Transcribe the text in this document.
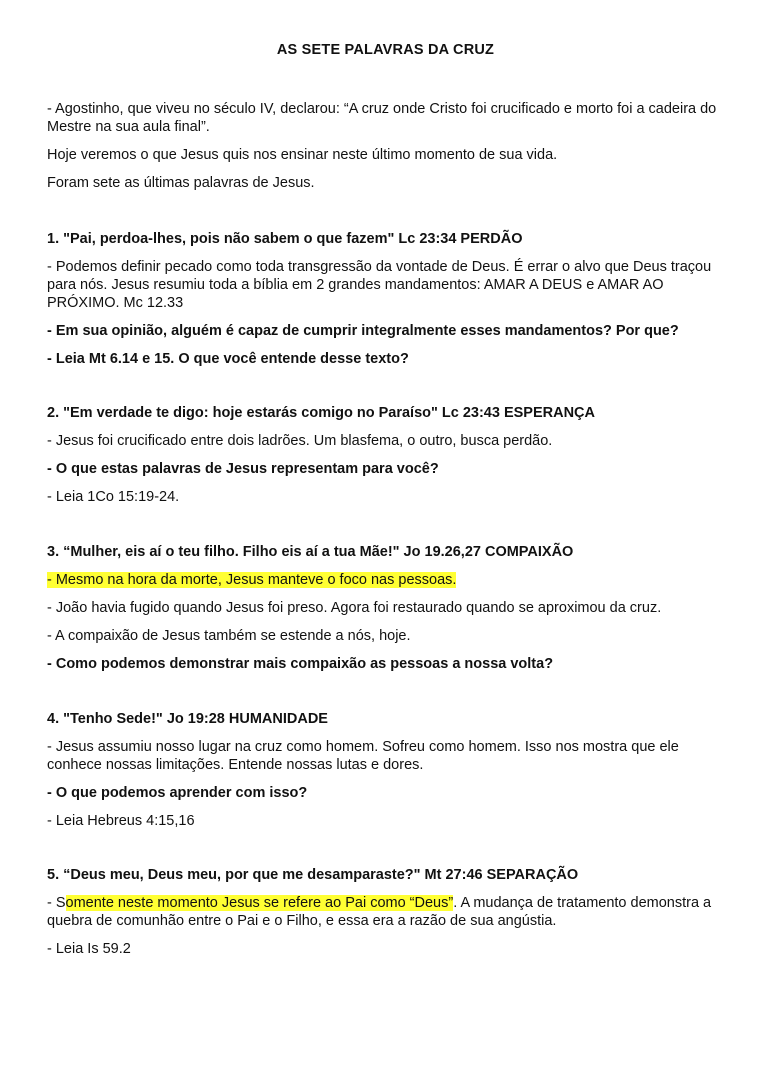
AS SETE PALAVRAS DA CRUZ

- Agostinho, que viveu no século IV, declarou: “A cruz onde Cristo foi crucificado e morto foi a cadeira do Mestre na sua aula final”.

Hoje veremos o que Jesus quis nos ensinar neste último momento de sua vida.

Foram sete as últimas palavras de Jesus.

1. "Pai, perdoa-lhes, pois não sabem o que fazem" Lc 23:34 PERDÃO

- Podemos definir pecado como toda transgressão da vontade de Deus. É errar o alvo que Deus traçou para nós. Jesus resumiu toda a bíblia em 2 grandes mandamentos: AMAR A DEUS e AMAR AO PRÓXIMO. Mc 12.33

- Em sua opinião, alguém é capaz de cumprir integralmente esses mandamentos? Por que?

- Leia Mt 6.14 e 15. O que você entende desse texto?

2. "Em verdade te digo: hoje estarás comigo no Paraíso" Lc 23:43 ESPERANÇA

- Jesus foi crucificado entre dois ladrões. Um blasfema, o outro, busca perdão.

- O que estas palavras de Jesus representam para você?

- Leia 1Co 15:19-24.

3. “Mulher, eis aí o teu filho. Filho eis aí a tua Mãe!" Jo 19.26,27 COMPAIXÃO

- Mesmo na hora da morte, Jesus manteve o foco nas pessoas.

- João havia fugido quando Jesus foi preso. Agora foi restaurado quando se aproximou da cruz.

- A compaixão de Jesus também se estende a nós, hoje.

- Como podemos demonstrar mais compaixão as pessoas a nossa volta?

4. "Tenho Sede!" Jo 19:28 HUMANIDADE

- Jesus assumiu nosso lugar na cruz como homem. Sofreu como homem. Isso nos mostra que ele conhece nossas limitações. Entende nossas lutas e dores.

- O que podemos aprender com isso?

- Leia Hebreus 4:15,16

5. “Deus meu, Deus meu, por que me desamparaste?" Mt 27:46 SEPARAÇÃO

- Somente neste momento Jesus se refere ao Pai como “Deus”. A mudança de tratamento demonstra a quebra de comunhão entre o Pai e o Filho, e essa era a razão de sua angústia.

- Leia Is 59.2
